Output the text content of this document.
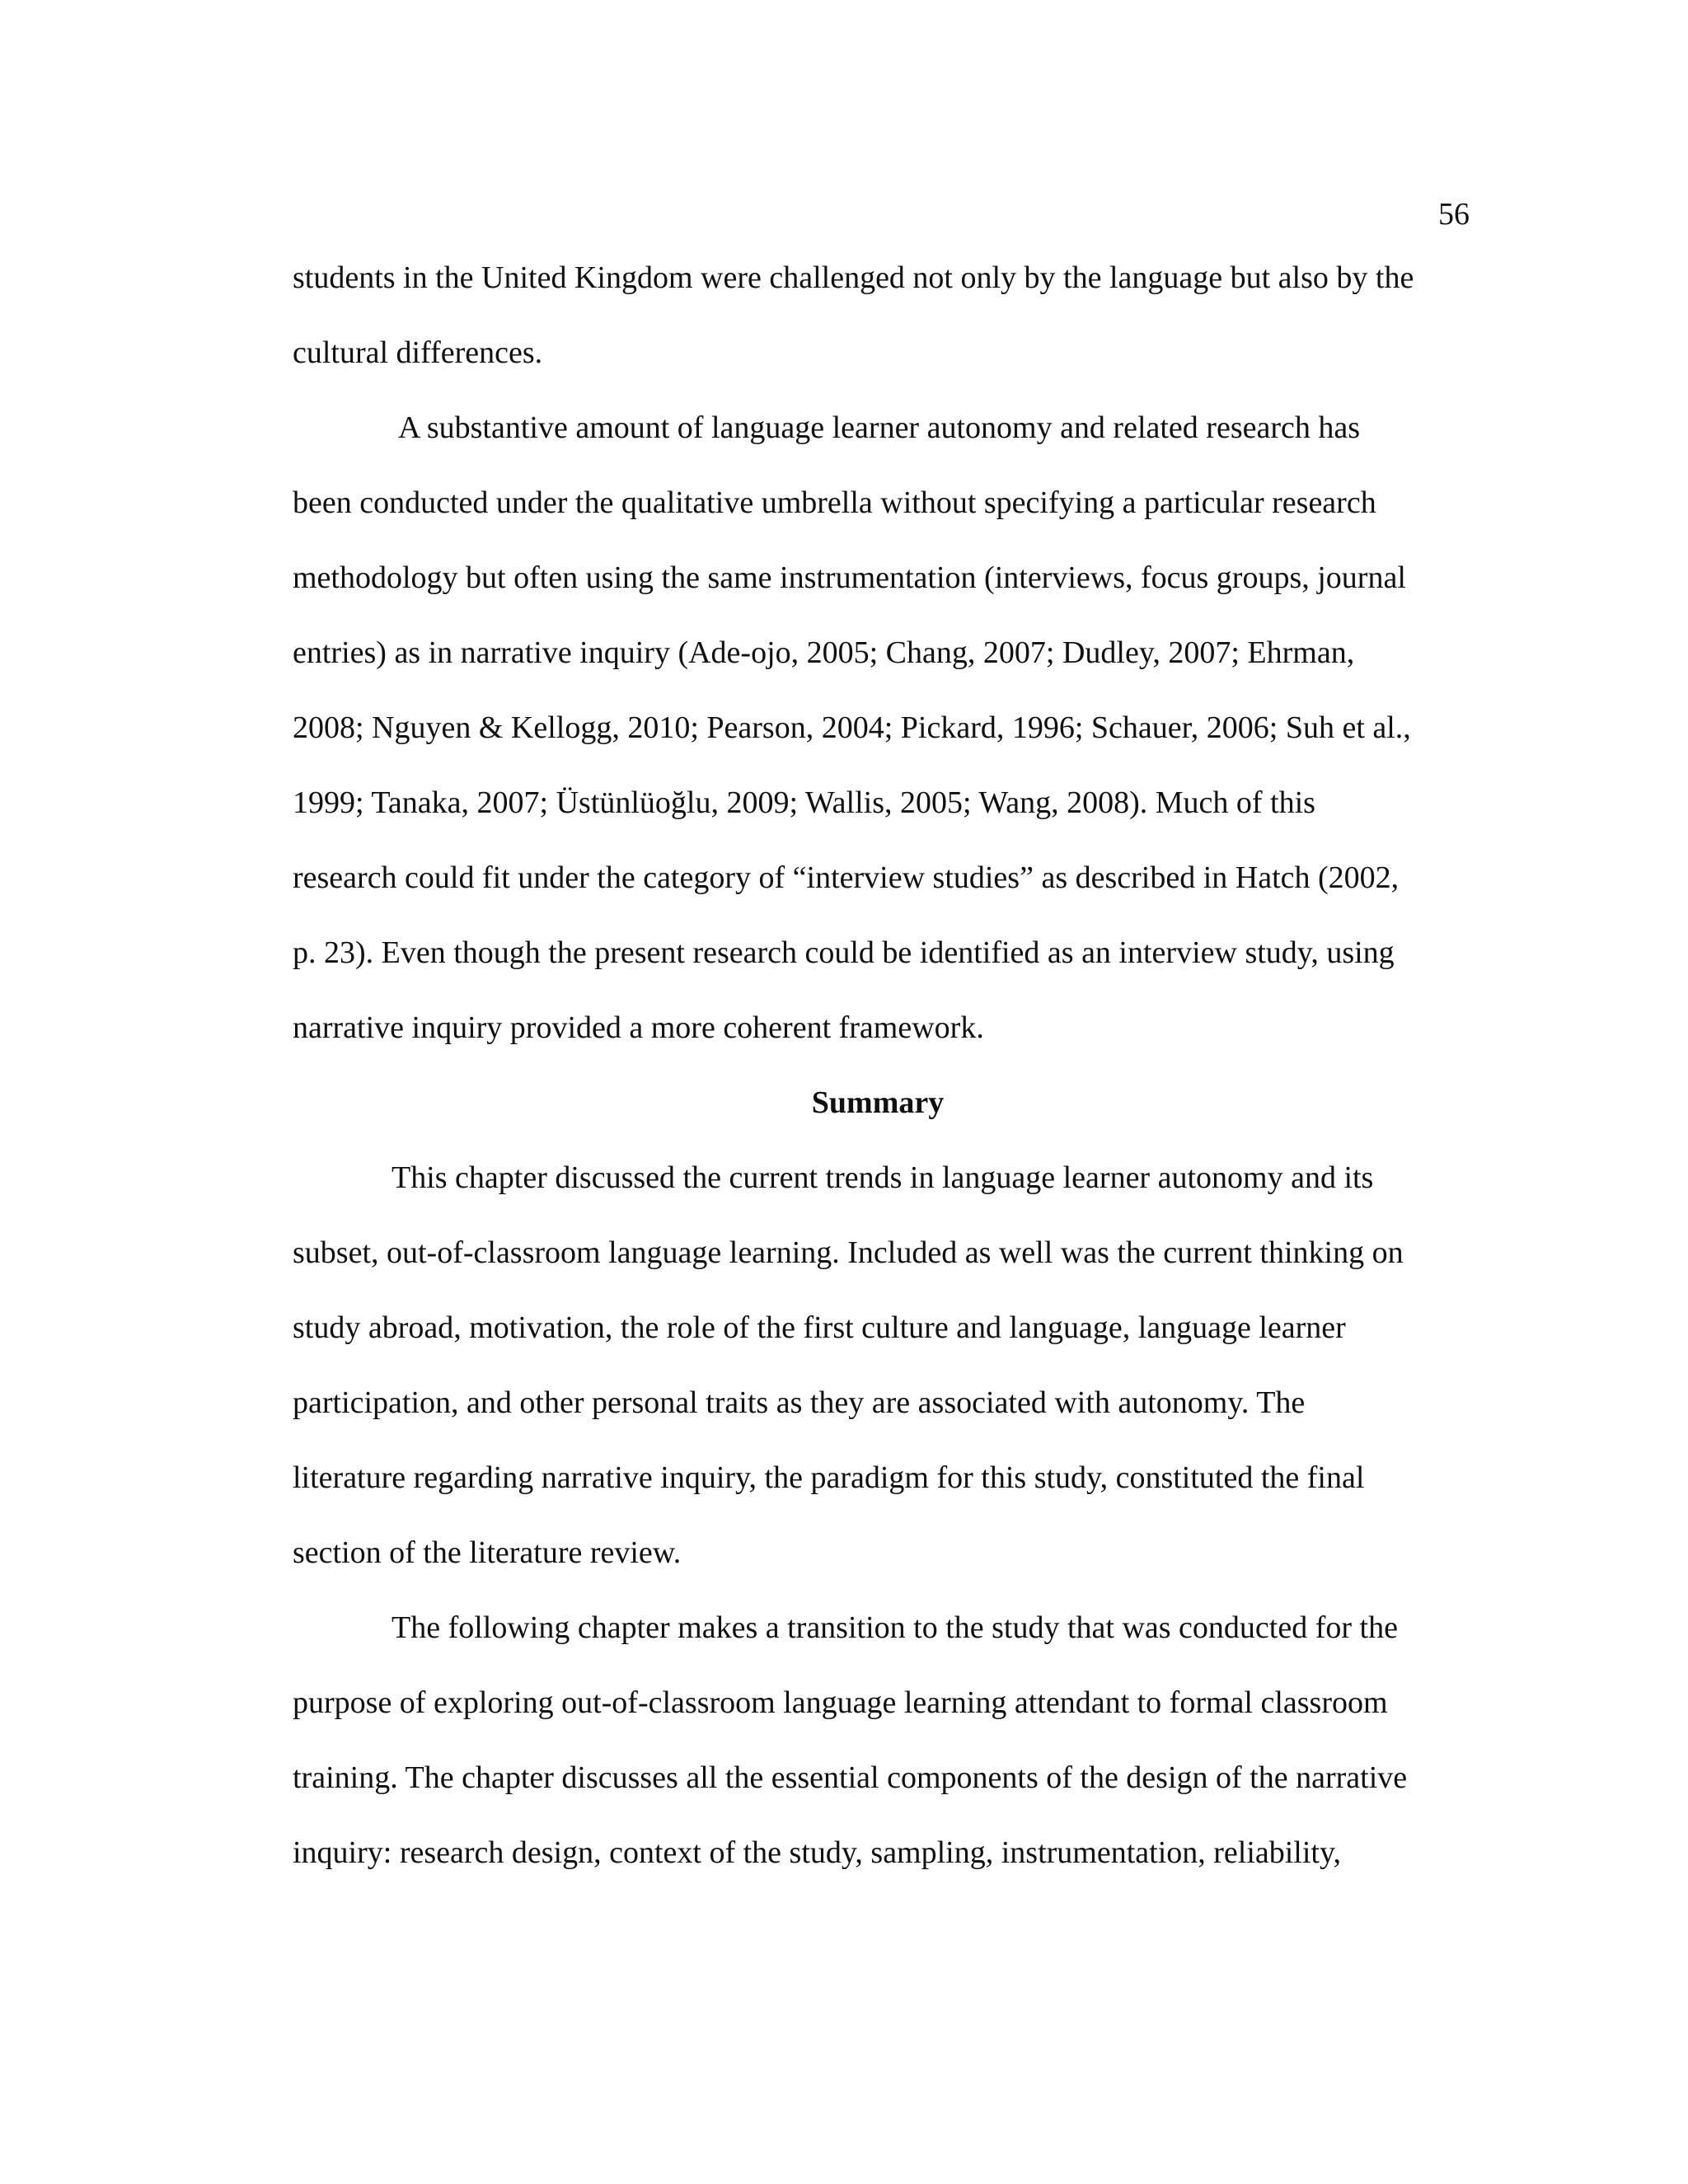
56
students in the United Kingdom were challenged not only by the language but also by the
cultural differences.
A substantive amount of language learner autonomy and related research has
been conducted under the qualitative umbrella without specifying a particular research
methodology but often using the same instrumentation (interviews, focus groups, journal
entries) as in narrative inquiry (Ade-ojo, 2005; Chang, 2007; Dudley, 2007; Ehrman,
2008; Nguyen & Kellogg, 2010; Pearson, 2004; Pickard, 1996; Schauer, 2006; Suh et al.,
1999; Tanaka, 2007; Üstünlüoğlu, 2009; Wallis, 2005; Wang, 2008). Much of this
research could fit under the category of “interview studies” as described in Hatch (2002,
p. 23). Even though the present research could be identified as an interview study, using
narrative inquiry provided a more coherent framework.
Summary
This chapter discussed the current trends in language learner autonomy and its
subset, out-of-classroom language learning. Included as well was the current thinking on
study abroad, motivation, the role of the first culture and language, language learner
participation, and other personal traits as they are associated with autonomy. The
literature regarding narrative inquiry, the paradigm for this study, constituted the final
section of the literature review.
The following chapter makes a transition to the study that was conducted for the
purpose of exploring out-of-classroom language learning attendant to formal classroom
training. The chapter discusses all the essential components of the design of the narrative
inquiry: research design, context of the study, sampling, instrumentation, reliability,
